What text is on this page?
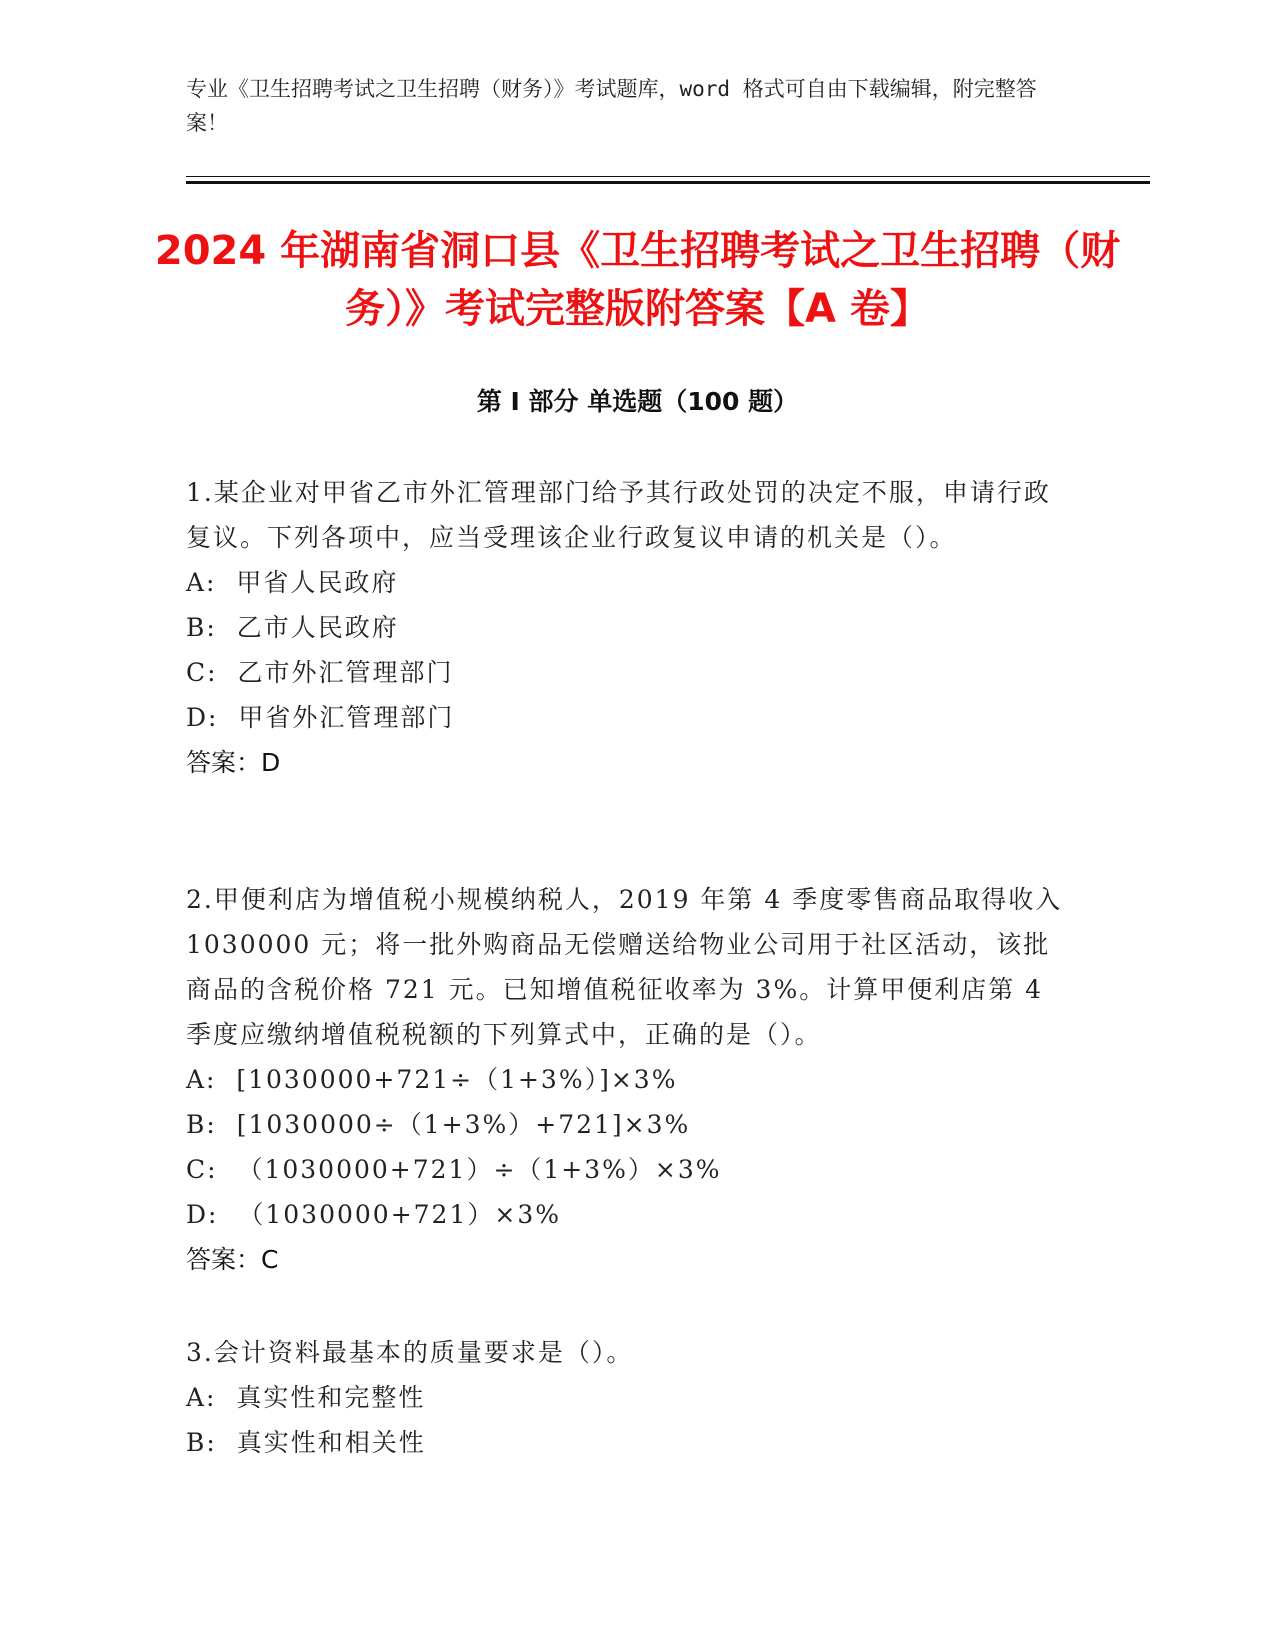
专业《卫生招聘考试之卫生招聘（财务）》考试题库，word 格式可自由下载编辑，附完整答案！
2024 年湖南省洞口县《卫生招聘考试之卫生招聘（财务）》考试完整版附答案【A 卷】
第 I 部分 单选题（100 题）

1.某企业对甲省乙市外汇管理部门给予其行政处罚的决定不服，申请行政复议。下列各项中，应当受理该企业行政复议申请的机关是（）。

A:  甲省人民政府

B:  乙市人民政府

C:  乙市外汇管理部门

D:  甲省外汇管理部门

答案：D

2.甲便利店为增值税小规模纳税人，2019 年第 4 季度零售商品取得收入 1030000 元；将一批外购商品无偿赠送给物业公司用于社区活动，该批商品的含税价格 721 元。已知增值税征收率为 3%。计算甲便利店第 4 季度应缴纳增值税税额的下列算式中，正确的是（）。

A:  [1030000+721÷（1+3%）]×3%

B:  [1030000÷（1+3%）+721]×3%

C:  （1030000+721）÷（1+3%）×3%

D:  （1030000+721）×3%

答案：C

3.会计资料最基本的质量要求是（）。

A:  真实性和完整性

B:  真实性和相关性
